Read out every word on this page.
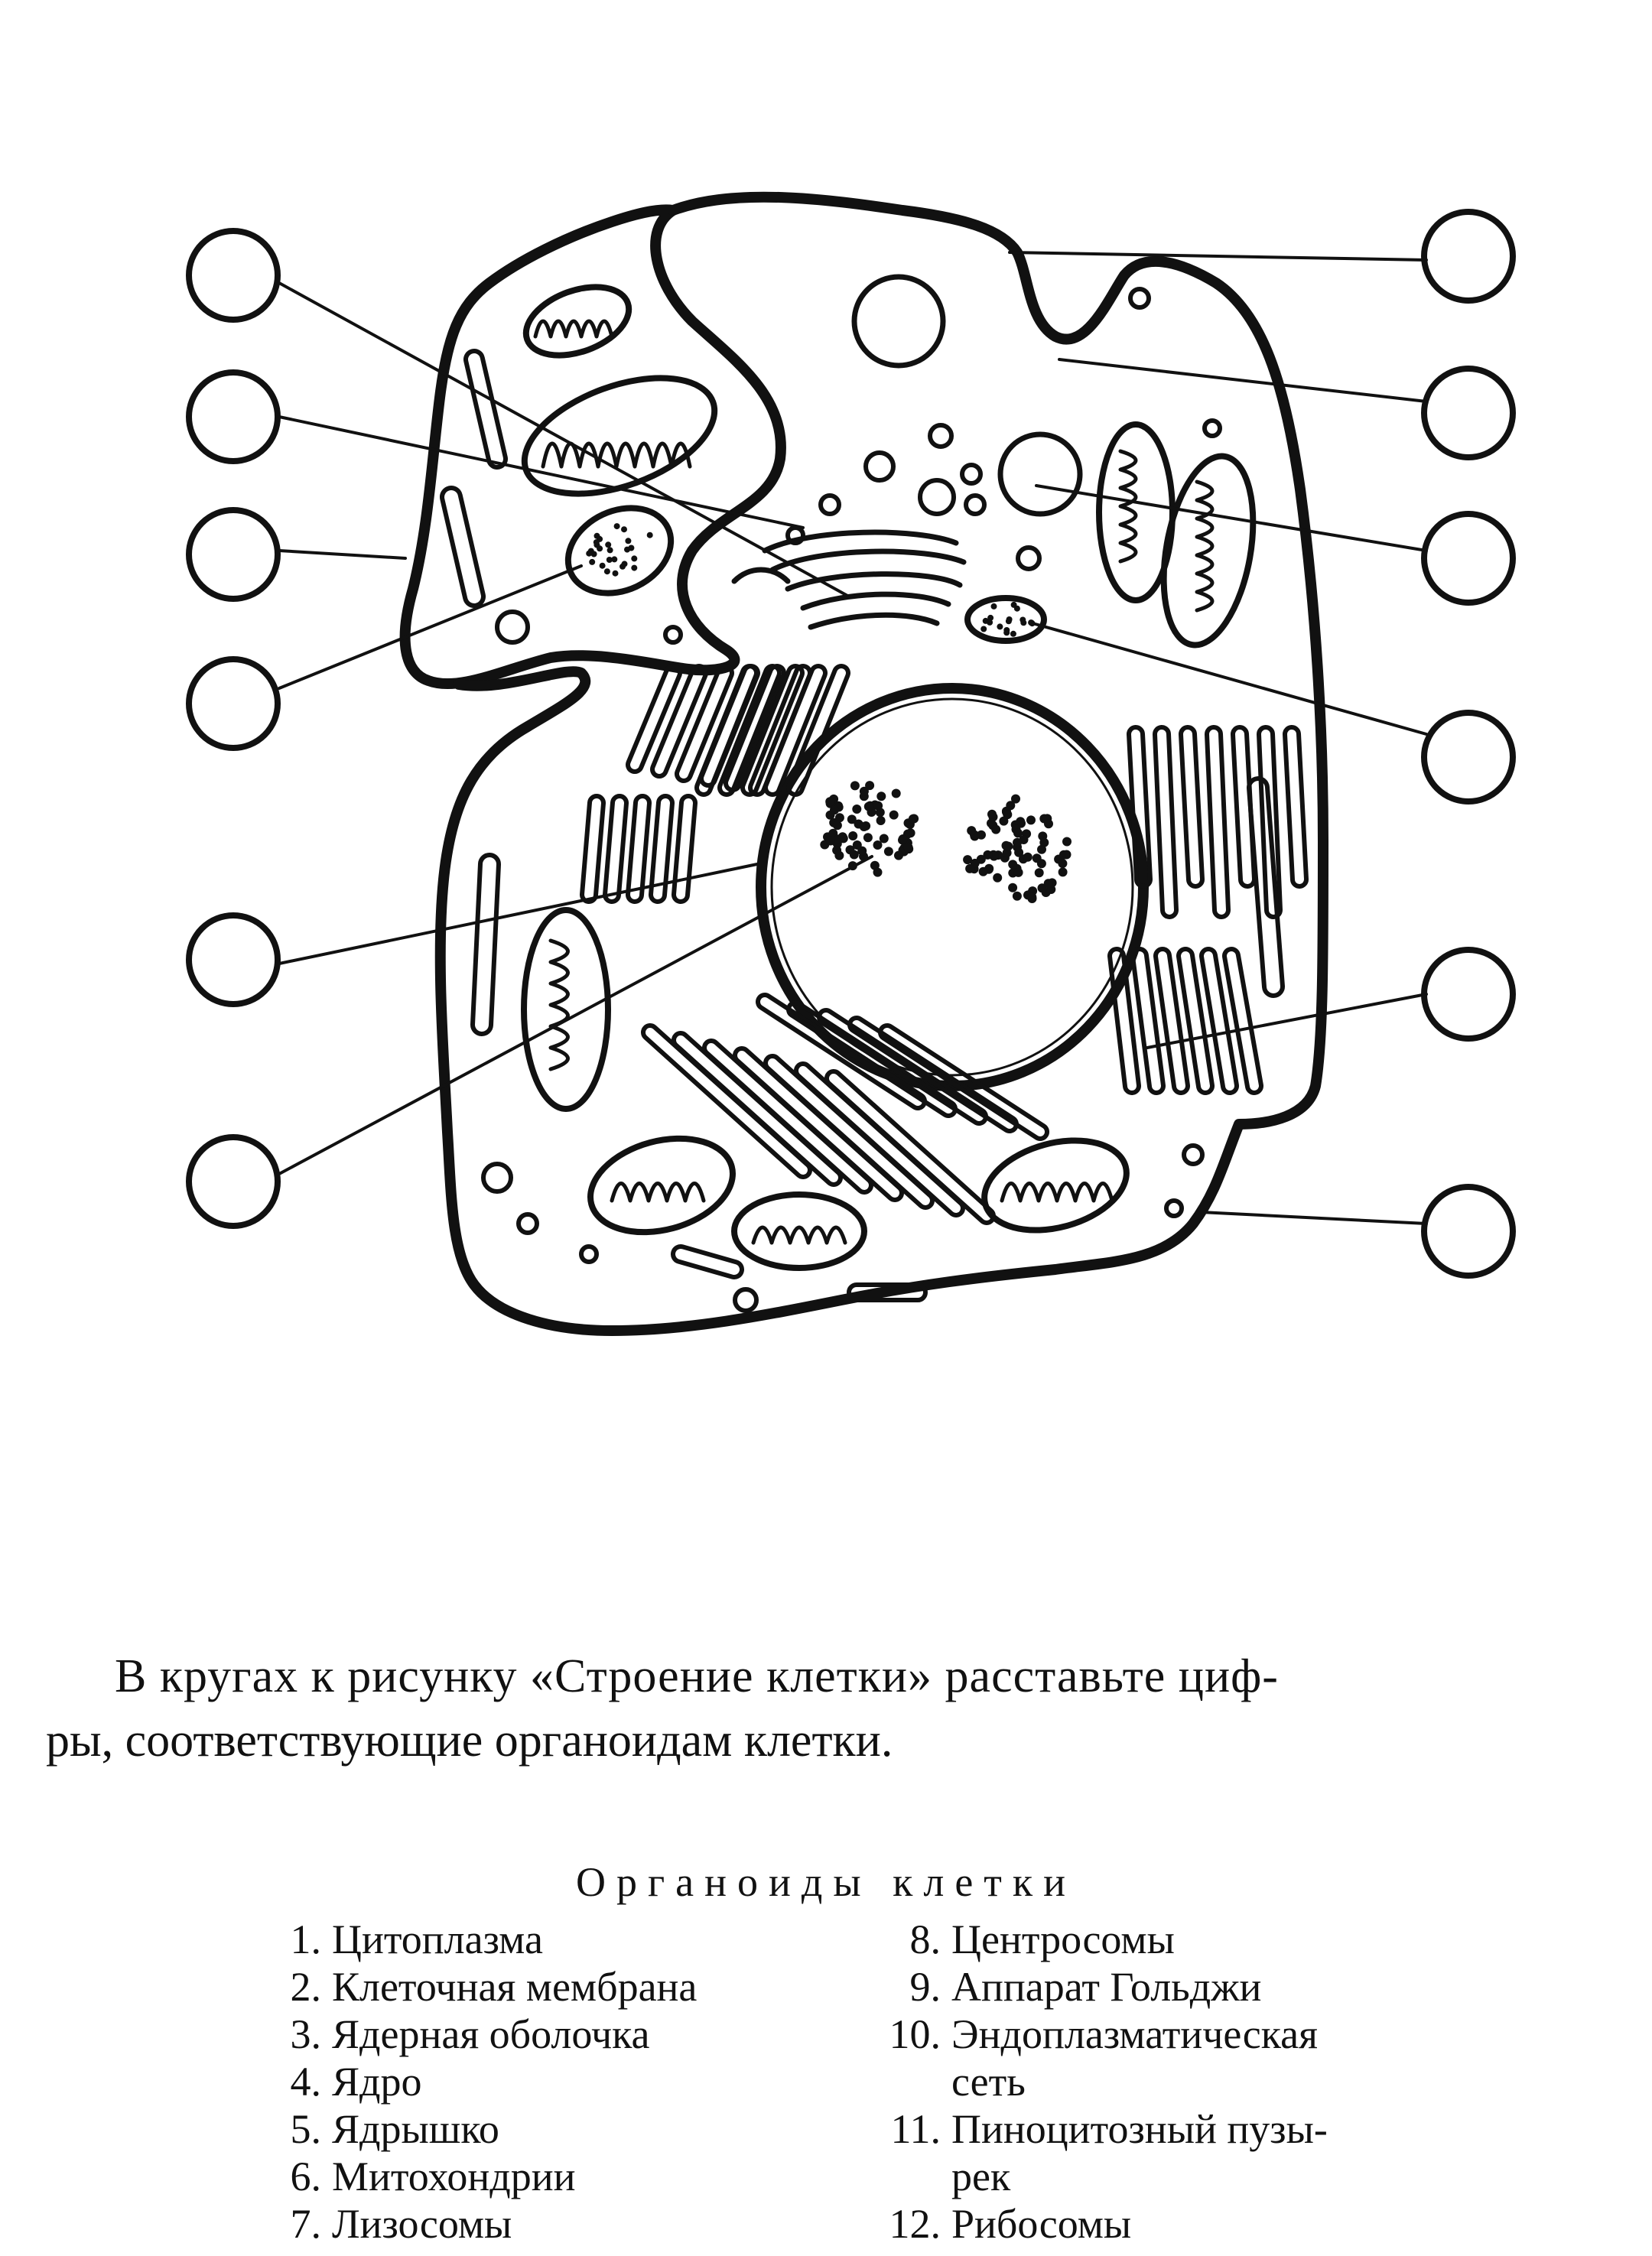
В кругах к рисунку «Строение клетки» расставьте циф-
ры, соответствующие органоидам клетки.
Органоиды клетки
1. Цитоплазма
2. Клеточная мембрана
3. Ядерная оболочка
4. Ядро
5. Ядрышко
6. Митохондрии
7. Лизосомы
8. Центросомы
9. Аппарат Гольджи
10. Эндоплазматическая
сеть
11. Пиноцитозный пузы-
рек
12. Рибосомы
